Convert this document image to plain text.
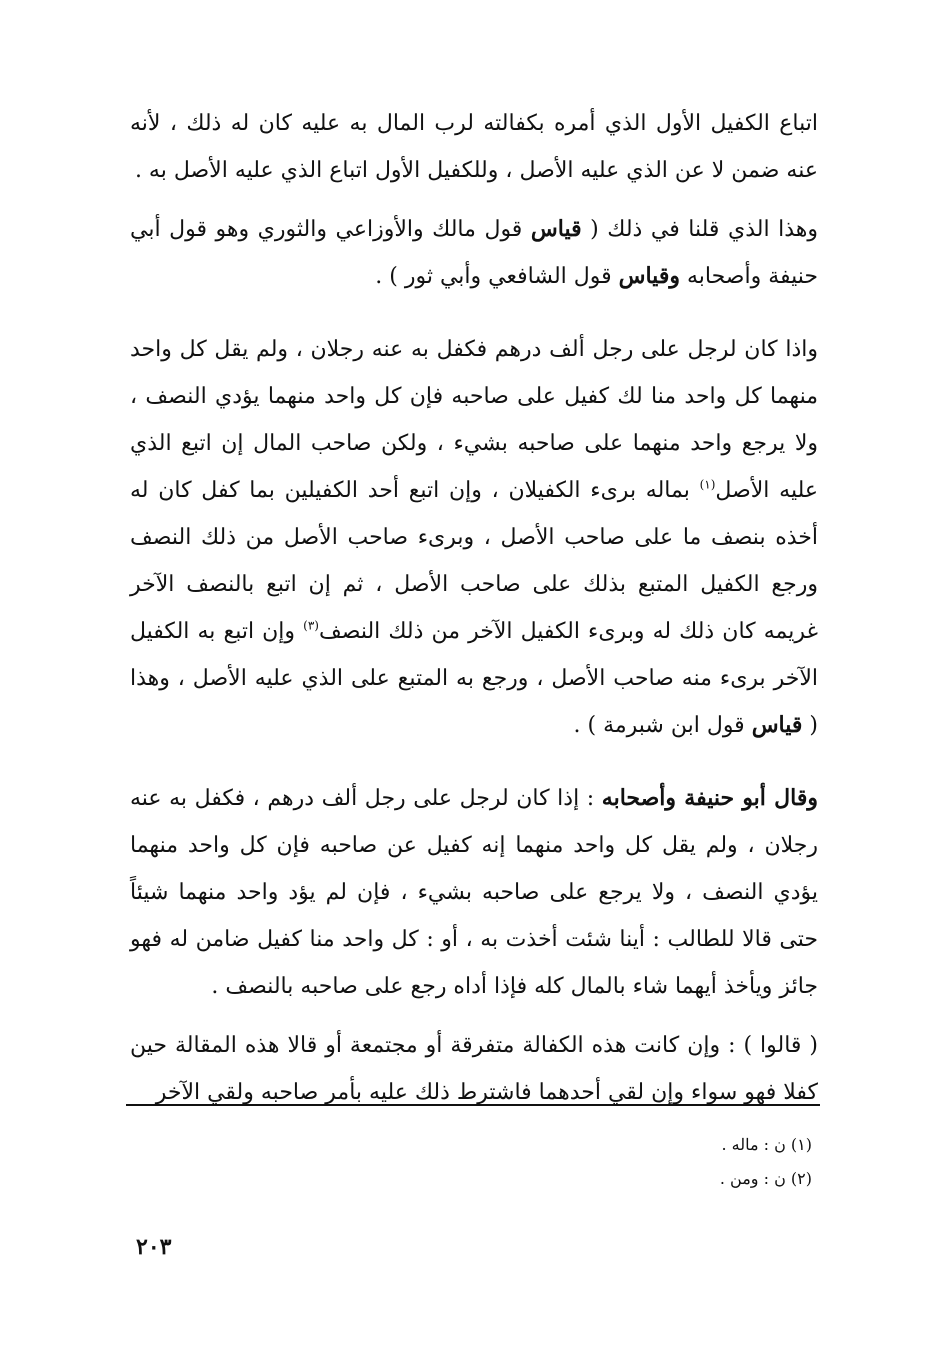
اتباع الكفيل الأول الذي أمره بكفالته لرب المال به عليه كان له ذلك ، لأنه عنه ضمن لا عن الذي عليه الأصل ، وللكفيل الأول اتباع الذي عليه الأصل به .

وهذا الذي قلنا في ذلك ( قياس قول مالك والأوزاعي والثوري وهو قول أبي حنيفة وأصحابه وقياس قول الشافعي وأبي ثور ) .

واذا كان لرجل على رجل ألف درهم فكفل به عنه رجلان ، ولم يقل كل واحد منهما كل واحد منا لك كفيل على صاحبه فإن كل واحد منهما يؤدي النصف ، ولا يرجع واحد منهما على صاحبه بشيء ، ولكن صاحب المال إن اتبع الذي عليه الأصل$^{(١)}$ بماله برىء الكفيلان ، وإن اتبع أحد الكفيلين بما كفل كان له أخذه بنصف ما على صاحب الأصل ، وبرىء صاحب الأصل من ذلك النصف ورجع الكفيل المتبع بذلك على صاحب الأصل ، ثم إن اتبع بالنصف الآخر غريمه كان ذلك له وبرىء الكفيل الآخر من ذلك النصف$^{(٣)}$ وإن اتبع به الكفيل الآخر برىء منه صاحب الأصل ، ورجع به المتبع على الذي عليه الأصل ، وهذا ( قياس قول ابن شبرمة ) .

وقال أبو حنيفة وأصحابه : إذا كان لرجل على رجل ألف درهم ، فكفل به عنه رجلان ، ولم يقل كل واحد منهما إنه كفيل عن صاحبه فإن كل واحد منهما يؤدي النصف ، ولا يرجع على صاحبه بشيء ، فإن لم يؤد واحد منهما شيئاً حتى قالا للطالب : أينا شئت أخذت به ، أو : كل واحد منا كفيل ضامن له فهو جائز ويأخذ أيهما شاء بالمال كله فإذا أداه رجع على صاحبه بالنصف .

( قالوا ) : وإن كانت هذه الكفالة متفرقة أو مجتمعة أو قالا هذه المقالة حين كفلا فهو سواء وإن لقي أحدهما فاشترط ذلك عليه بأمر صاحبه ولقي الآخر

(١) ن : ماله .
(٢) ن : ومن .
٢٠٣
